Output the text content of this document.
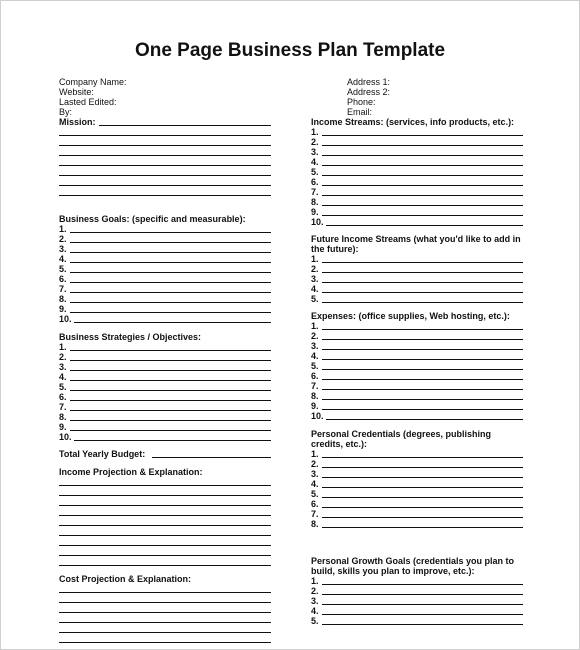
One Page Business Plan Template
Company Name:
Website:
Lasted Edited:
By:
Address 1:
Address 2:
Phone:
Email:
Mission:
Business Goals: (specific and measurable):
1.
2.
3.
4.
5.
6.
7.
8.
9.
10.
Business Strategies / Objectives:
1.
2.
3.
4.
5.
6.
7.
8.
9.
10.
Total Yearly Budget:
Income Projection & Explanation:
Cost Projection & Explanation:
Income Streams: (services, info products, etc.):
1.
2.
3.
4.
5.
6.
7.
8.
9.
10.
Future Income Streams (what you'd like to add in the future):
1.
2.
3.
4.
5.
Expenses: (office supplies, Web hosting, etc.):
1.
2.
3.
4.
5.
6.
7.
8.
9.
10.
Personal Credentials (degrees, publishing credits, etc.):
1.
2.
3.
4.
5.
6.
7.
8.
Personal Growth Goals (credentials you plan to build, skills you plan to improve, etc.):
1.
2.
3.
4.
5.
